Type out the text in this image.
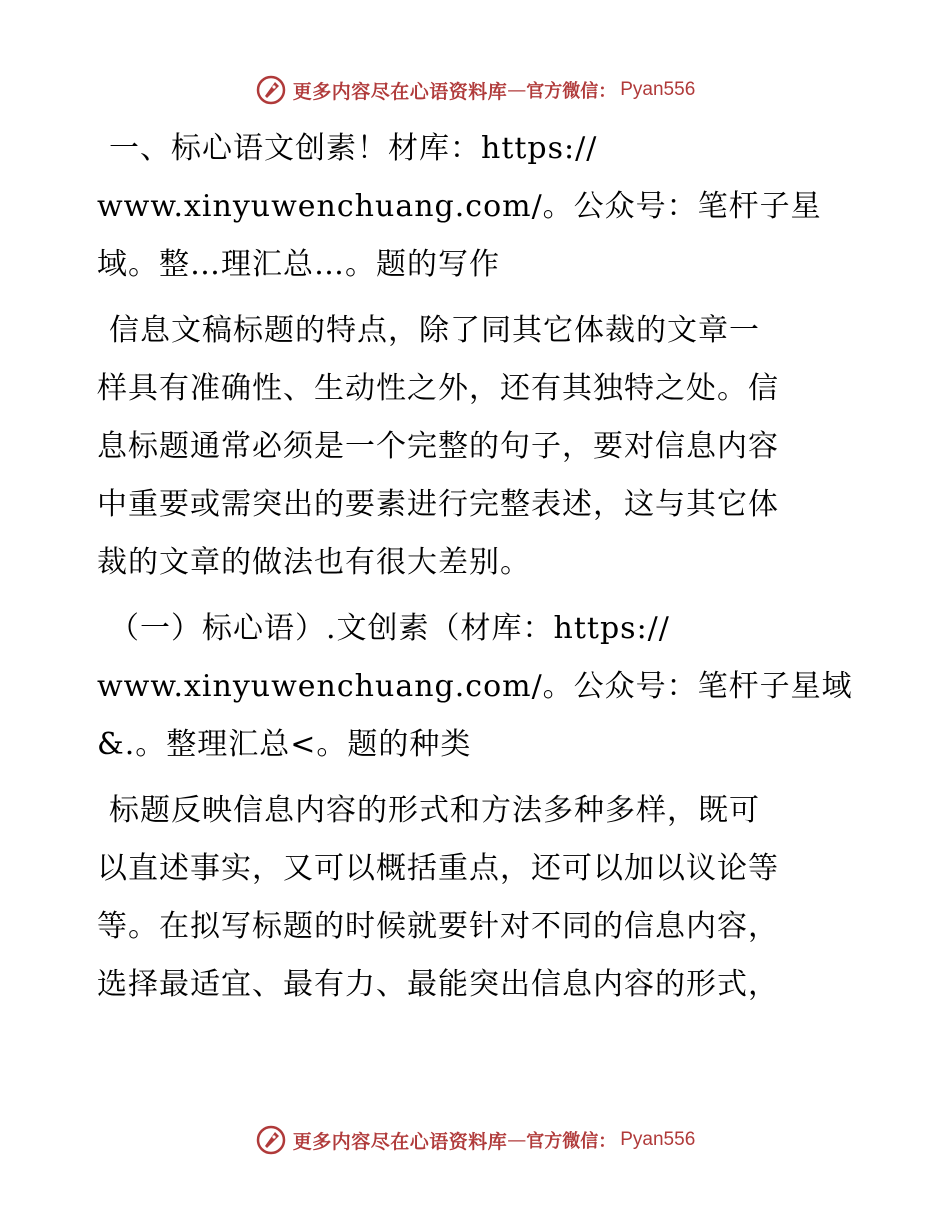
更多内容尽在心语资料库 — 官方微信： Pyan556
一、标心语文创素！材库：https://
www.xinyuwenchuang.com/。公众号：笔杆子星
域。整…理汇总…。题的写作
信息文稿标题的特点，除了同其它体裁的文章一
样具有准确性、生动性之外，还有其独特之处。信
息标题通常必须是一个完整的句子，要对信息内容
中重要或需突出的要素进行完整表述，这与其它体
裁的文章的做法也有很大差别。
（一）标心语）.文创素（材库：https://
www.xinyuwenchuang.com/。公众号：笔杆子星域
&.。整理汇总<。题的种类
标题反映信息内容的形式和方法多种多样，既可
以直述事实，又可以概括重点，还可以加以议论等
等。在拟写标题的时候就要针对不同的信息内容，
选择最适宜、最有力、最能突出信息内容的形式，
更多内容尽在心语资料库 — 官方微信： Pyan556
